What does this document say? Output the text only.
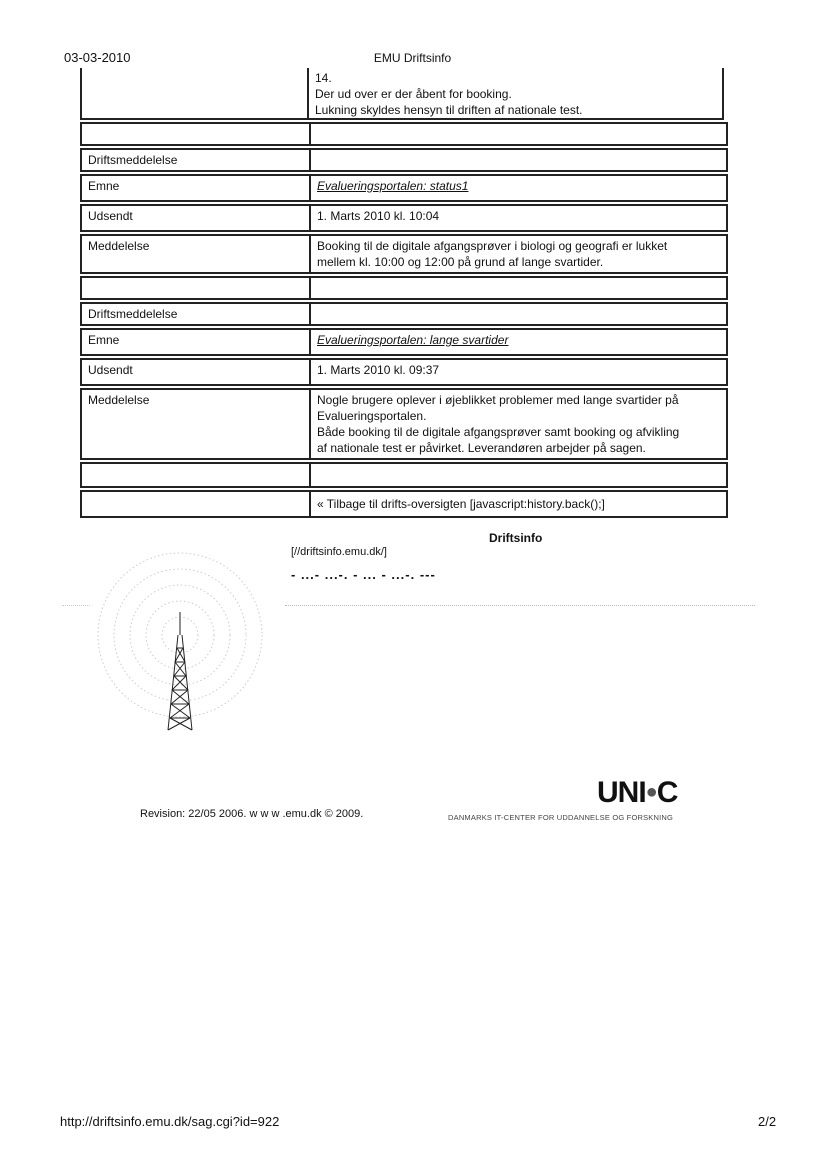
03-03-2010	EMU Driftsinfo
14.
Der ud over er der åbent for booking.
Lukning skyldes hensyn til driften af nationale test.
Driftsmeddelelse
Emne	Evalueringsportalen: status1
Udsendt	1. Marts 2010 kl. 10:04
Meddelelse	Booking til de digitale afgangsprøver i biologi og geografi er lukket
mellem kl. 10:00 og 12:00 på grund af lange svartider.
Driftsmeddelelse
Emne	Evalueringsportalen: lange svartider
Udsendt	1. Marts 2010 kl. 09:37
Meddelelse	Nogle brugere oplever i øjeblikket problemer med lange svartider på
Evalueringsportalen.
Både booking til de digitale afgangsprøver samt booking og afvikling
af nationale test er påvirket. Leverandøren arbejder på sagen.
« Tilbage til drifts-oversigten [javascript:history.back();]
Driftsinfo
[//driftsinfo.emu.dk/]
- ...- ...-. - ... - ...-. ---
Revision: 22/05 2006. w w w .emu.dk © 2009.
UNI●C
DANMARKS IT-CENTER FOR UDDANNELSE OG FORSKNING
http://driftsinfo.emu.dk/sag.cgi?id=922	2/2
